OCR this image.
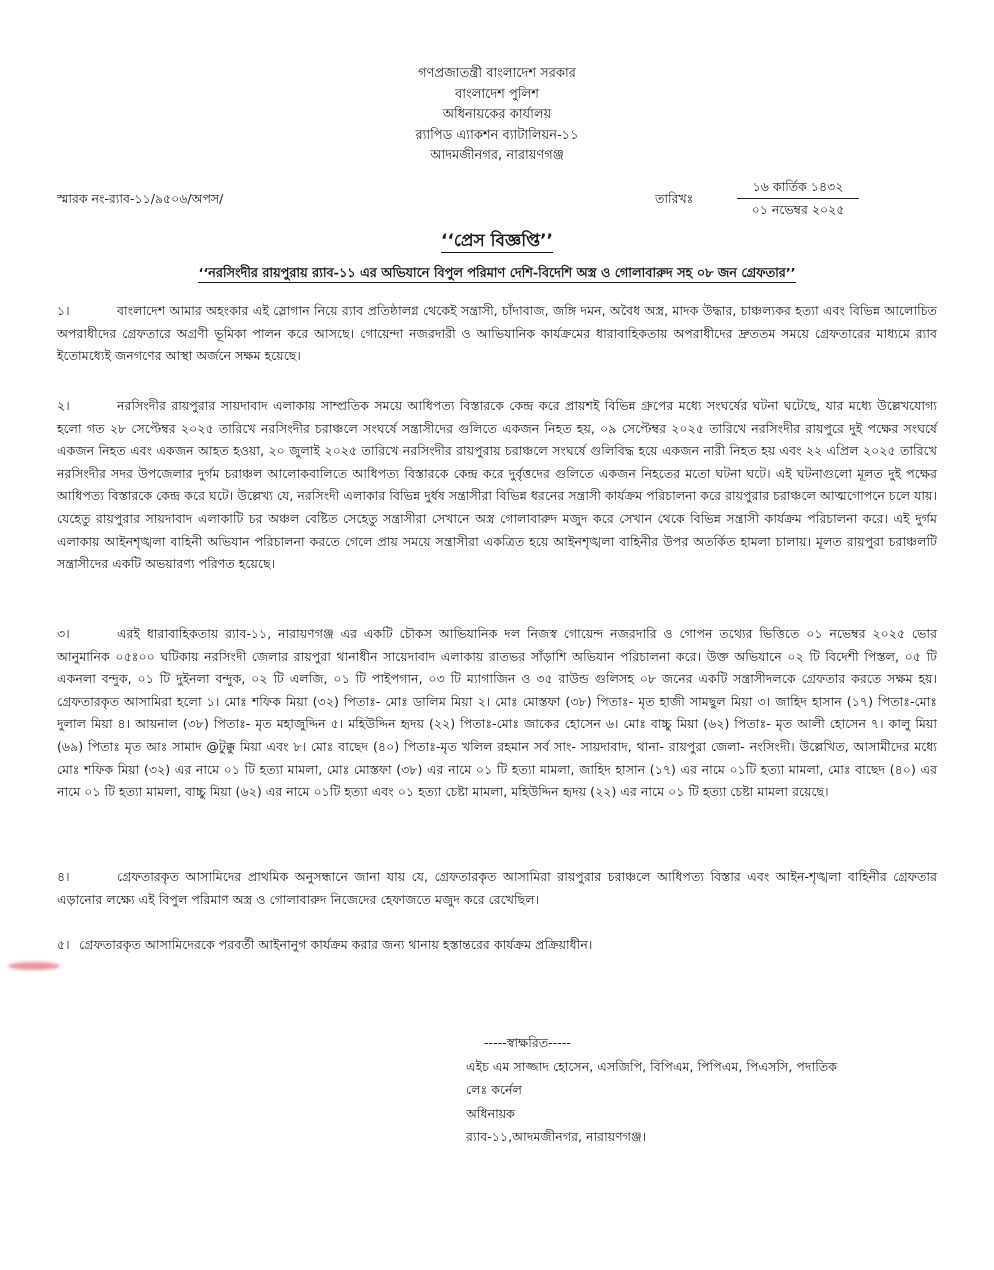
গণপ্রজাতন্ত্রী বাংলাদেশ সরকার
বাংলাদেশ পুলিশ
অধিনায়কের কার্যালয়
র‌্যাপিড এ্যাকশন ব্যাটালিয়ন-১১
আদমজীনগর, নারায়ণগঞ্জ
স্মারক নং-র‌্যাব-১১/৯৫০৬/অপস/	তারিখঃ
১৬ কার্তিক ১৪৩২
০১ নভেম্বর ২০২৫
‘‘প্রেস বিজ্ঞপ্তি’’
‘‘নরসিংদীর রায়পুরায় র‌্যাব-১১ এর অভিযানে বিপুল পরিমাণ দেশি-বিদেশি অস্ত্র ও গোলাবারুদ সহ ০৮ জন গ্রেফতার’’
১।	বাংলাদেশ আমার অহংকার এই স্লোগান নিয়ে র‌্যাব প্রতিষ্ঠালগ্ন থেকেই সন্ত্রাসী, চাঁদাবাজ, জঙ্গি দমন, অবৈধ অস্ত্র, মাদক উদ্ধার, চাঞ্চল্যকর হত্যা এবং বিভিন্ন আলোচিত অপরাধীদের গ্রেফতারে অগ্রণী ভূমিকা পালন করে আসছে। গোয়েন্দা নজরদারী ও আভিযানিক কার্যক্রমের ধারাবাহিকতায় অপরাধীদের দ্রুততম সময়ে গ্রেফতারের মাধ্যমে র‌্যাব ইতোমধ্যেই জনগণের আস্থা অর্জনে সক্ষম হয়েছে।
২।	নরসিংদীর রায়পুরার সায়দাবাদ এলাকায় সাম্প্রতিক সময়ে আধিপত্য বিস্তারকে কেন্দ্র করে প্রায়শই বিভিন্ন গ্রুপের মধ্যে সংঘর্ষের ঘটনা ঘটেছে, যার মধ্যে উল্লেখযোগ্য হলো গত ২৮ সেপ্টেম্বর ২০২৫ তারিখে নরসিংদীর চরাঞ্চলে সংঘর্ষে সন্ত্রাসীদের গুলিতে একজন নিহত হয়, ০৯ সেপ্টেম্বর ২০২৫ তারিখে নরসিংদীর রায়পুরে দুই পক্ষের সংঘর্ষে একজন নিহত এবং একজন আহত হওয়া, ২০ জুলাই ২০২৫ তারিখে নরসিংদীর রায়পুরায় চরাঞ্চলে সংঘর্ষে গুলিবিদ্ধ হয়ে একজন নারী নিহত হয় এবং ২২ এপ্রিল ২০২৫ তারিখে নরসিংদীর সদর উপজেলার দুর্গম চরাঞ্চল আলোকবালিতে আধিপত্য বিস্তারকে কেন্দ্র করে দুর্বৃত্তদের গুলিতে একজন নিহতের মতো ঘটনা ঘটে। এই ঘটনাগুলো মূলত দুই পক্ষের আধিপত্য বিস্তারকে কেন্দ্র করে ঘটে। উল্লেখ্য যে, নরসিংদী এলাকার বিভিন্ন দুর্ধষ সন্ত্রাসীরা বিভিন্ন ধরনের সন্ত্রাসী কার্যক্রম পরিচালনা করে রায়পুরার চরাঞ্চলে আত্মগোপনে চলে যায়। যেহেতু রায়পুরার সায়দাবাদ এলাকাটি চর অঞ্চল বেষ্টিত সেহেতু সন্ত্রাসীরা সেখানে অস্ত্র গোলাবারুদ মজুদ করে সেখান থেকে বিভিন্ন সন্ত্রাসী কার্যক্রম পরিচালনা করে। এই দুর্গম এলাকায় আইনশৃঙ্খলা বাহিনী অভিযান পরিচালনা করতে গেলে প্রায় সময়ে সন্ত্রাসীরা একত্রিত হয়ে আইনশৃঙ্খলা বাহিনীর উপর অতর্কিত হামলা চালায়। মূলত রায়পুরা চরাঞ্চলটি সন্ত্রাসীদের একটি অভয়ারণ্য পরিণত হয়েছে।
৩।	এরই ধারাবাহিকতায় র‌্যাব-১১, নারায়ণগঞ্জ এর একটি চৌকস আভিযানিক দল নিজস্ব গোয়েন্দ নজরদারি ও গোপন তথ্যের ভিত্তিতে ০১ নভেম্বর ২০২৫ ভোর আনুমানিক ০৫ঃ০০ ঘটিকায় নরসিংদী জেলার রায়পুরা থানাধীন সায়েদাবাদ এলাকায় রাতভর সাঁড়াশি অভিযান পরিচালনা করে। উক্ত অভিযানে ০২ টি বিদেশী পিস্তল, ০৫ টি একনলা বন্দুক, ০১ টি দুইনলা বন্দুক, ০২ টি এলজি, ০১ টি পাইপগান, ০৩ টি ম্যাগাজিন ও ৩৫ রাউন্ড গুলিসহ ০৮ জনের একটি সন্ত্রাসীদলকে গ্রেফতার করতে সক্ষম হয়। গ্রেফতারকৃত আসামিরা হলো ১। মোঃ শফিক মিয়া (৩২) পিতাঃ- মোঃ ডালিম মিয়া ২। মোঃ মোস্তফা (৩৮) পিতাঃ- মৃত হাজী সামছুল মিয়া ৩। জাহিদ হাসান (১৭) পিতাঃ-মোঃ দুলাল মিয়া ৪। আয়নাল (৩৮) পিতাঃ- মৃত মহাজুদ্দিন ৫। মহিউদ্দিন হৃদয় (২২) পিতাঃ-মোঃ জাকের হোসেন ৬। মোঃ বাচ্চু মিয়া (৬২) পিতাঃ- মৃত আলী হোসেন ৭। কালু মিয়া (৬৯) পিতাঃ মৃত আঃ সামাদ @টুক্কু মিয়া এবং ৮। মোঃ বাছেদ (৪০) পিতাঃ-মৃত খলিল রহমান সর্ব সাং- সায়দাবাদ, থানা- রায়পুরা জেলা- নংসিংদী। উল্লেখিত, আসামীদের মধ্যে মোঃ শফিক মিয়া (৩২) এর নামে ০১ টি হত্যা মামলা, মোঃ মোস্তফা (৩৮) এর নামে ০১ টি হত্যা মামলা, জাহিদ হাসান (১৭) এর নামে ০১টি হত্যা মামলা, মোঃ বাছেদ (৪০) এর নামে ০১ টি হত্যা মামলা, বাচ্চু মিয়া (৬২) এর নামে ০১টি হত্যা এবং ০১ হত্যা চেষ্টা মামলা, মহিউদ্দিন হৃদয় (২২) এর নামে ০১ টি হত্যা চেষ্টা মামলা রয়েছে।
৪।	গ্রেফতারকৃত আসামিদের প্রাথমিক অনুসন্ধানে জানা যায় যে, গ্রেফতারকৃত আসামিরা রায়পুরার চরাঞ্চলে আধিপত্য বিস্তার এবং আইন-শৃঙ্খলা বাহিনীর গ্রেফতার এড়ানোর লক্ষ্যে এই বিপুল পরিমাণ অস্ত্র ও গোলাবারুদ নিজেদের হেফাজতে মজুদ করে রেখেছিল।
৫। গ্রেফতারকৃত আসামিদেরকে পরবর্তী আইনানুগ কার্যক্রম করার জন্য থানায় হস্তান্তরের কার্যক্রম প্রক্রিয়াধীন।
-----স্বাক্ষরিত-----
এইচ এম সাজ্জাদ হোসেন, এসজিপি, বিপিএম, পিপিএম, পিএসসি, পদাতিক
লেঃ কর্নেল
অধিনায়ক
র‌্যাব-১১,আদমজীনগর, নারায়ণগঞ্জ।
